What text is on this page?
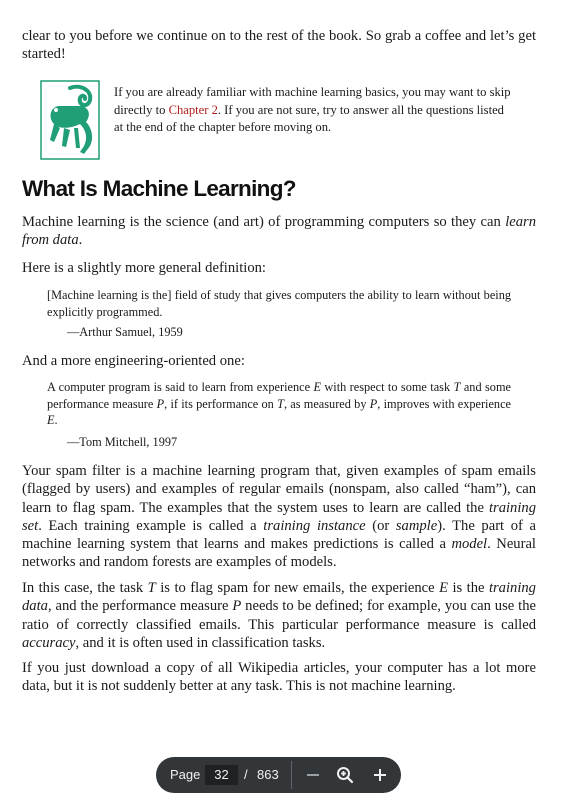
clear to you before we continue on to the rest of the book. So grab a coffee and let’s get started!

If you are already familiar with machine learning basics, you may want to skip directly to Chapter 2. If you are not sure, try to answer all the questions listed at the end of the chapter before moving on.

What Is Machine Learning?

Machine learning is the science (and art) of programming computers so they can learn from data.

Here is a slightly more general definition:

[Machine learning is the] field of study that gives computers the ability to learn without being explicitly programmed.

—Arthur Samuel, 1959

And a more engineering-oriented one:

A computer program is said to learn from experience E with respect to some task T and some performance measure P, if its performance on T, as measured by P, improves with experience E.

—Tom Mitchell, 1997

Your spam filter is a machine learning program that, given examples of spam emails (flagged by users) and examples of regular emails (nonspam, also called “ham”), can learn to flag spam. The examples that the system uses to learn are called the training set. Each training example is called a training instance (or sample). The part of a machine learning system that learns and makes predictions is called a model. Neural networks and random forests are examples of models.

In this case, the task T is to flag spam for new emails, the experience E is the training data, and the performance measure P needs to be defined; for example, you can use the ratio of correctly classified emails. This particular performance measure is called accuracy, and it is often used in classification tasks.

If you just download a copy of all Wikipedia articles, your computer has a lot more data, but it is not suddenly better at any task. This is not machine learning.

Page
32	/ 863
